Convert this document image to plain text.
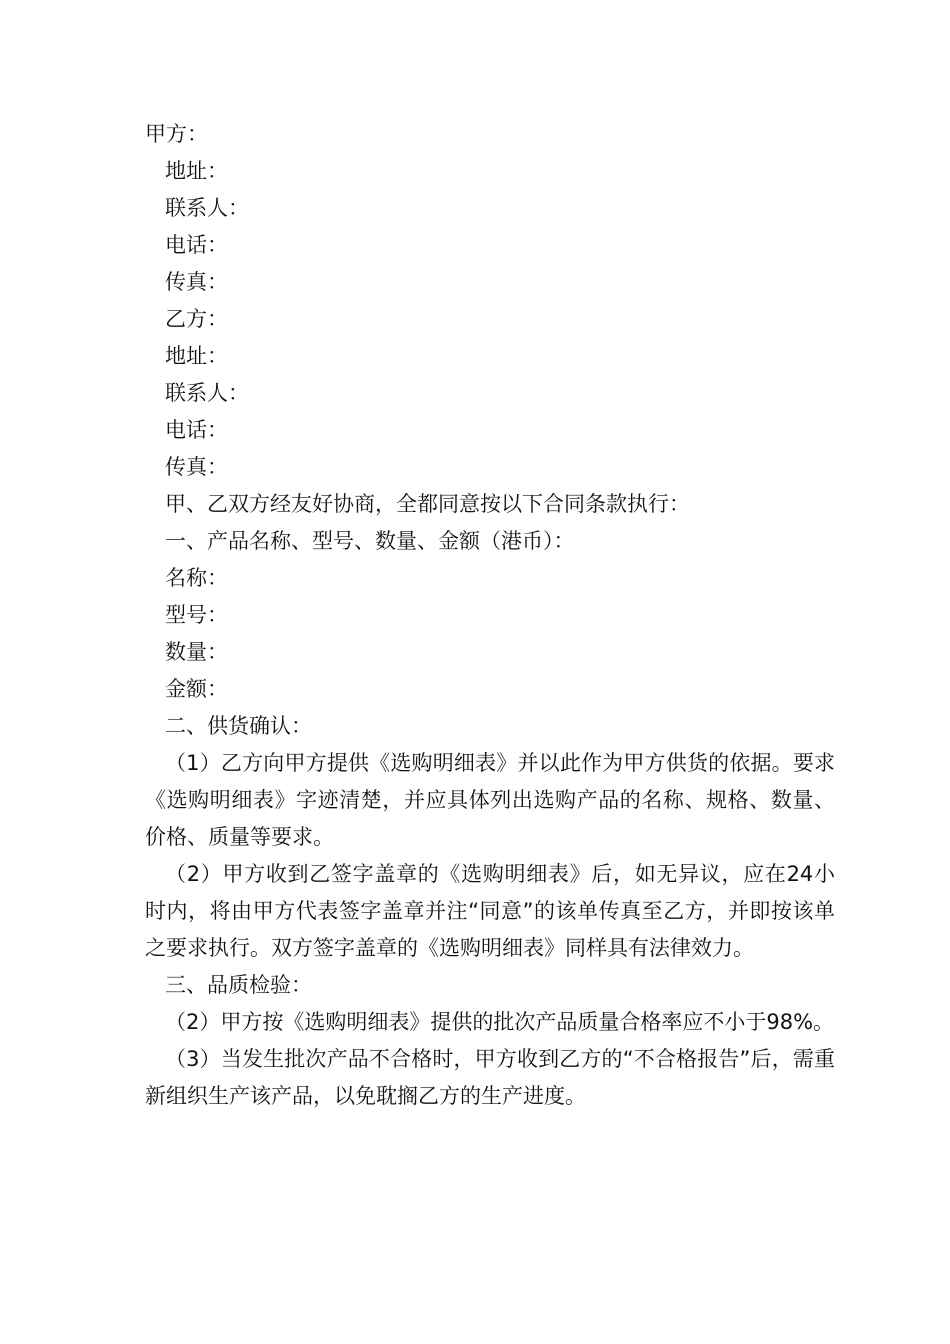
甲方：

地址：

联系人：

电话：

传真：

乙方：

地址：

联系人：

电话：

传真：

甲、乙双方经友好协商，全都同意按以下合同条款执行：

一、产品名称、型号、数量、金额（港币）：

名称：

型号：

数量：

金额：

二、供货确认：

（1）乙方向甲方提供《选购明细表》并以此作为甲方供货的依据。要求《选购明细表》字迹清楚，并应具体列出选购产品的名称、规格、数量、价格、质量等要求。

（2）甲方收到乙签字盖章的《选购明细表》后，如无异议，应在24小时内，将由甲方代表签字盖章并注“同意”的该单传真至乙方，并即按该单之要求执行。双方签字盖章的《选购明细表》同样具有法律效力。

三、品质检验：

（2）甲方按《选购明细表》提供的批次产品质量合格率应不小于98%。

（3）当发生批次产品不合格时，甲方收到乙方的“不合格报告”后，需重新组织生产该产品，以免耽搁乙方的生产进度。
